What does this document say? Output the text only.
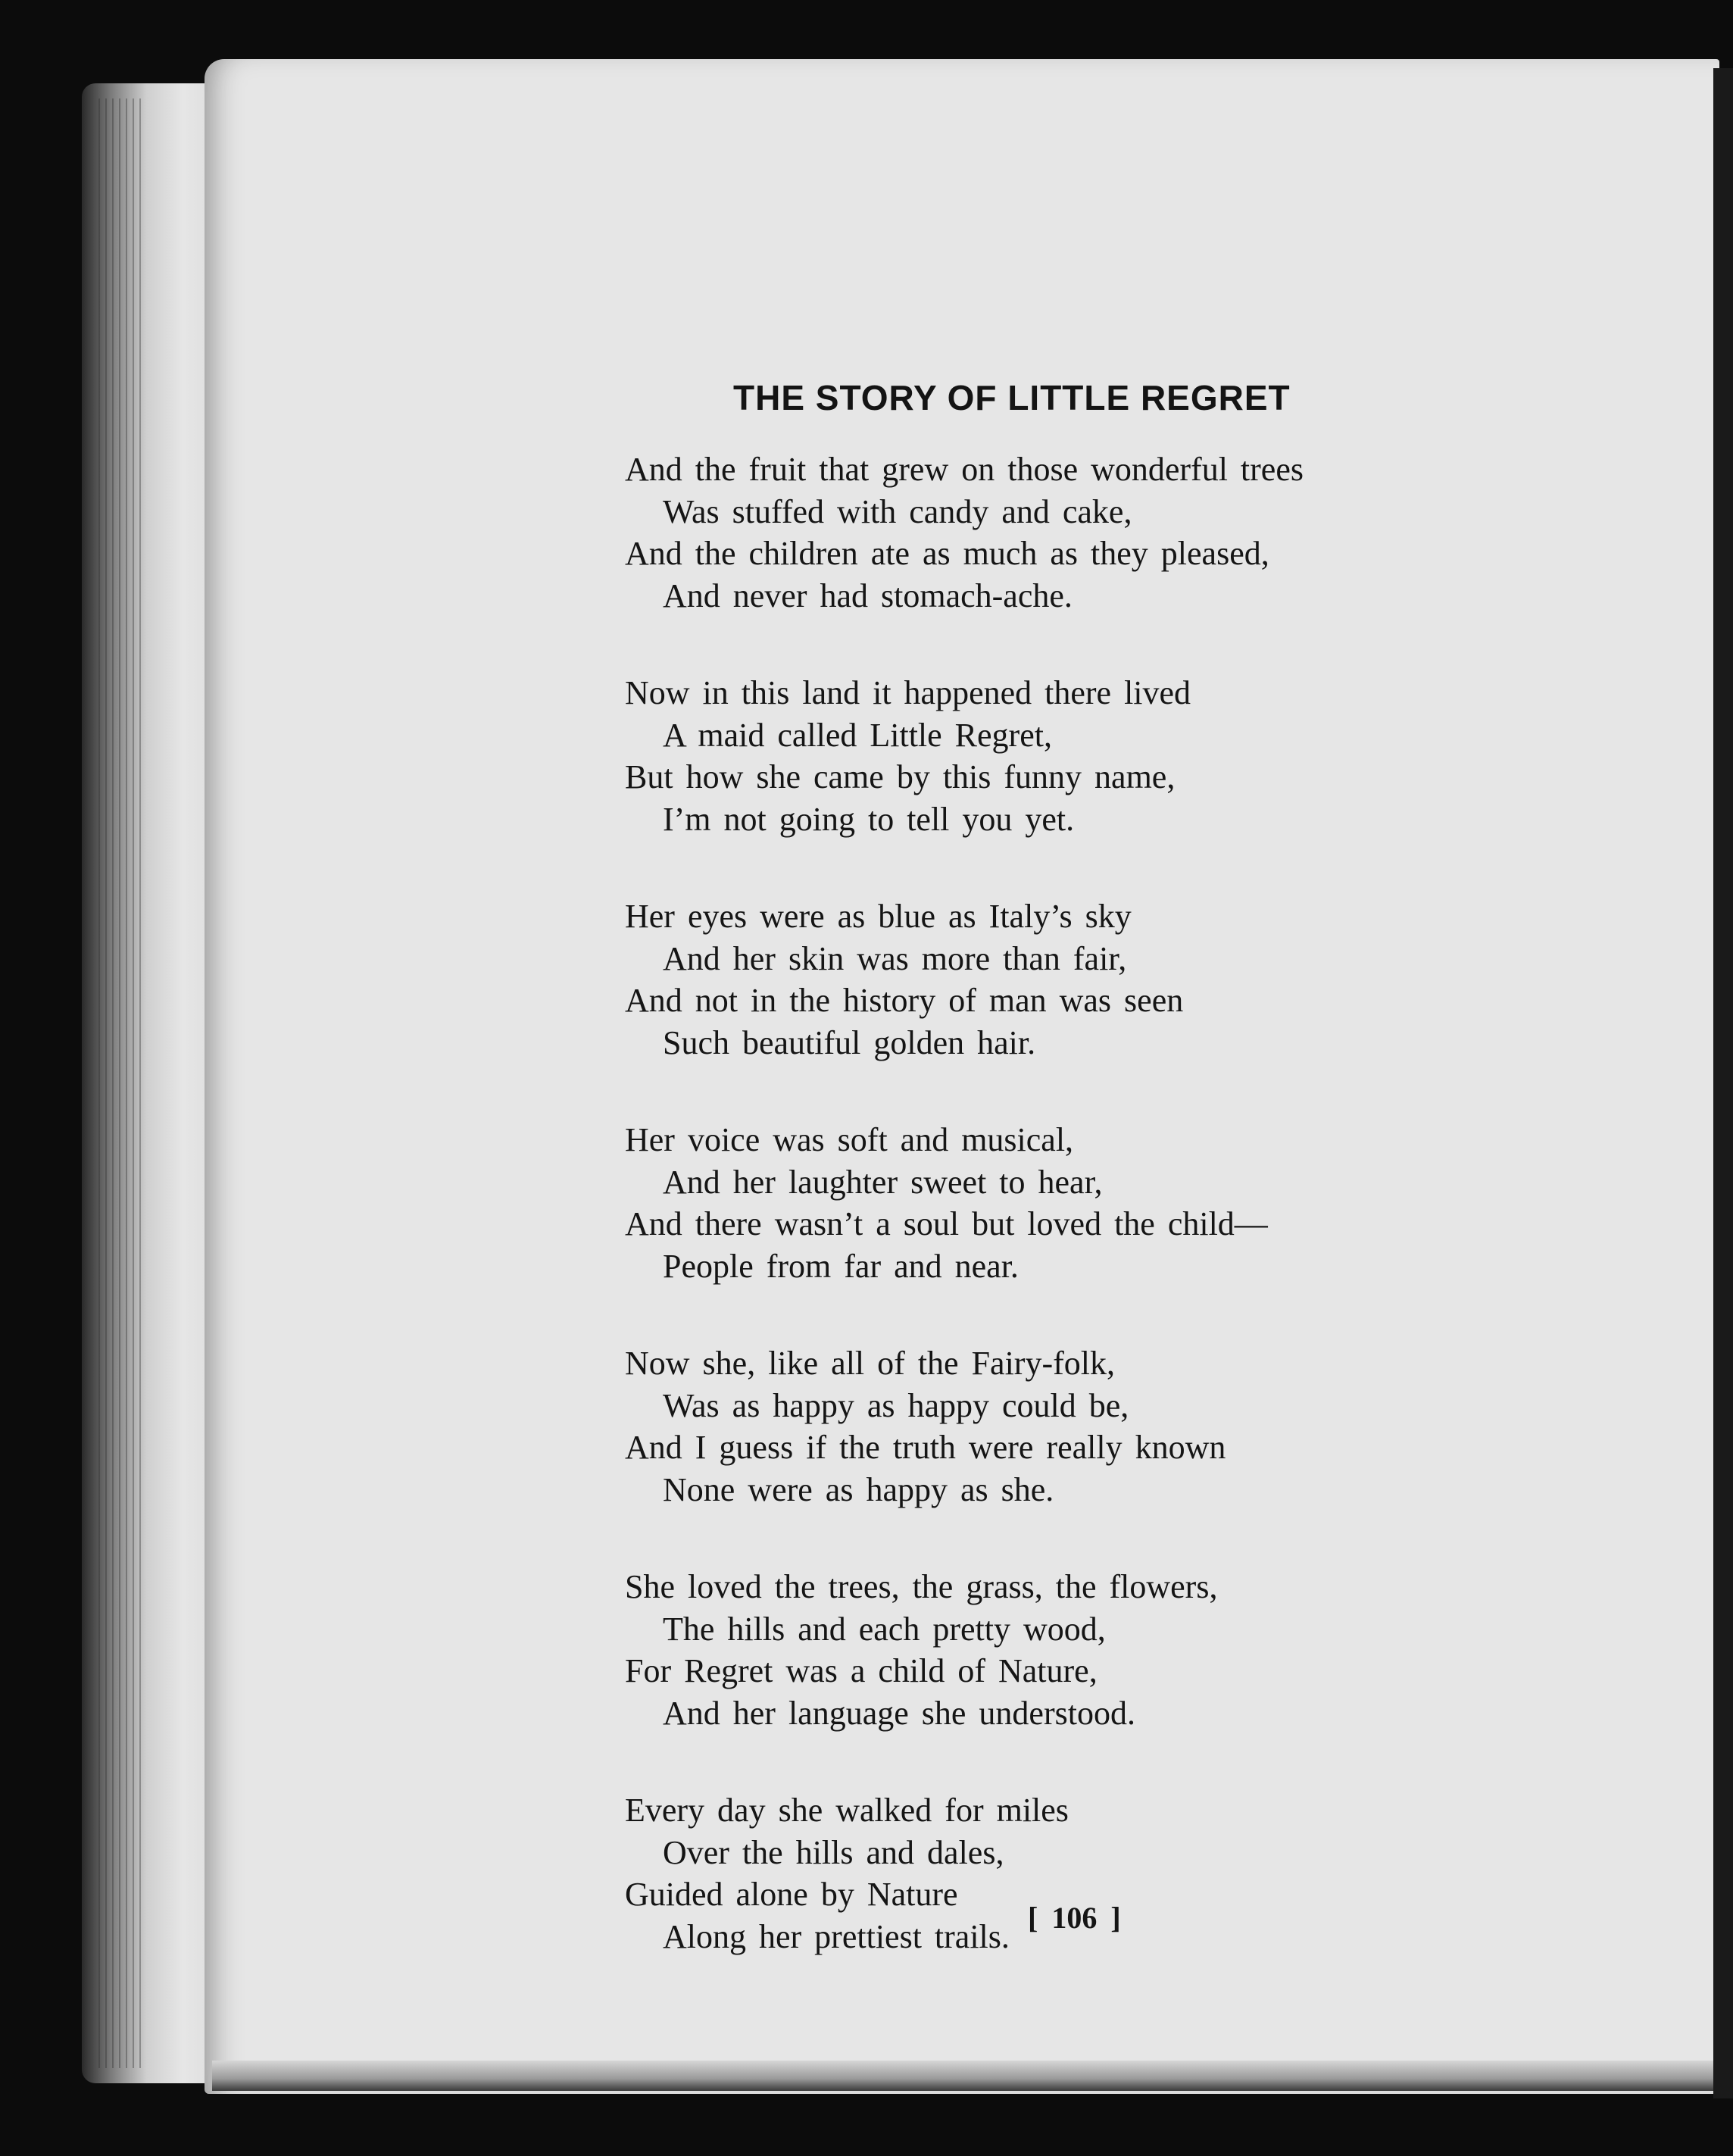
THE STORY OF LITTLE REGRET
And the fruit that grew on those wonderful trees
Was stuffed with candy and cake,
And the children ate as much as they pleased,
And never had stomach-ache.
Now in this land it happened there lived
A maid called Little Regret,
But how she came by this funny name,
I’m not going to tell you yet.
Her eyes were as blue as Italy’s sky
And her skin was more than fair,
And not in the history of man was seen
Such beautiful golden hair.
Her voice was soft and musical,
And her laughter sweet to hear,
And there wasn’t a soul but loved the child—
People from far and near.
Now she, like all of the Fairy-folk,
Was as happy as happy could be,
And I guess if the truth were really known
None were as happy as she.
She loved the trees, the grass, the flowers,
The hills and each pretty wood,
For Regret was a child of Nature,
And her language she understood.
Every day she walked for miles
Over the hills and dales,
Guided alone by Nature
Along her prettiest trails. [ 106 ]
